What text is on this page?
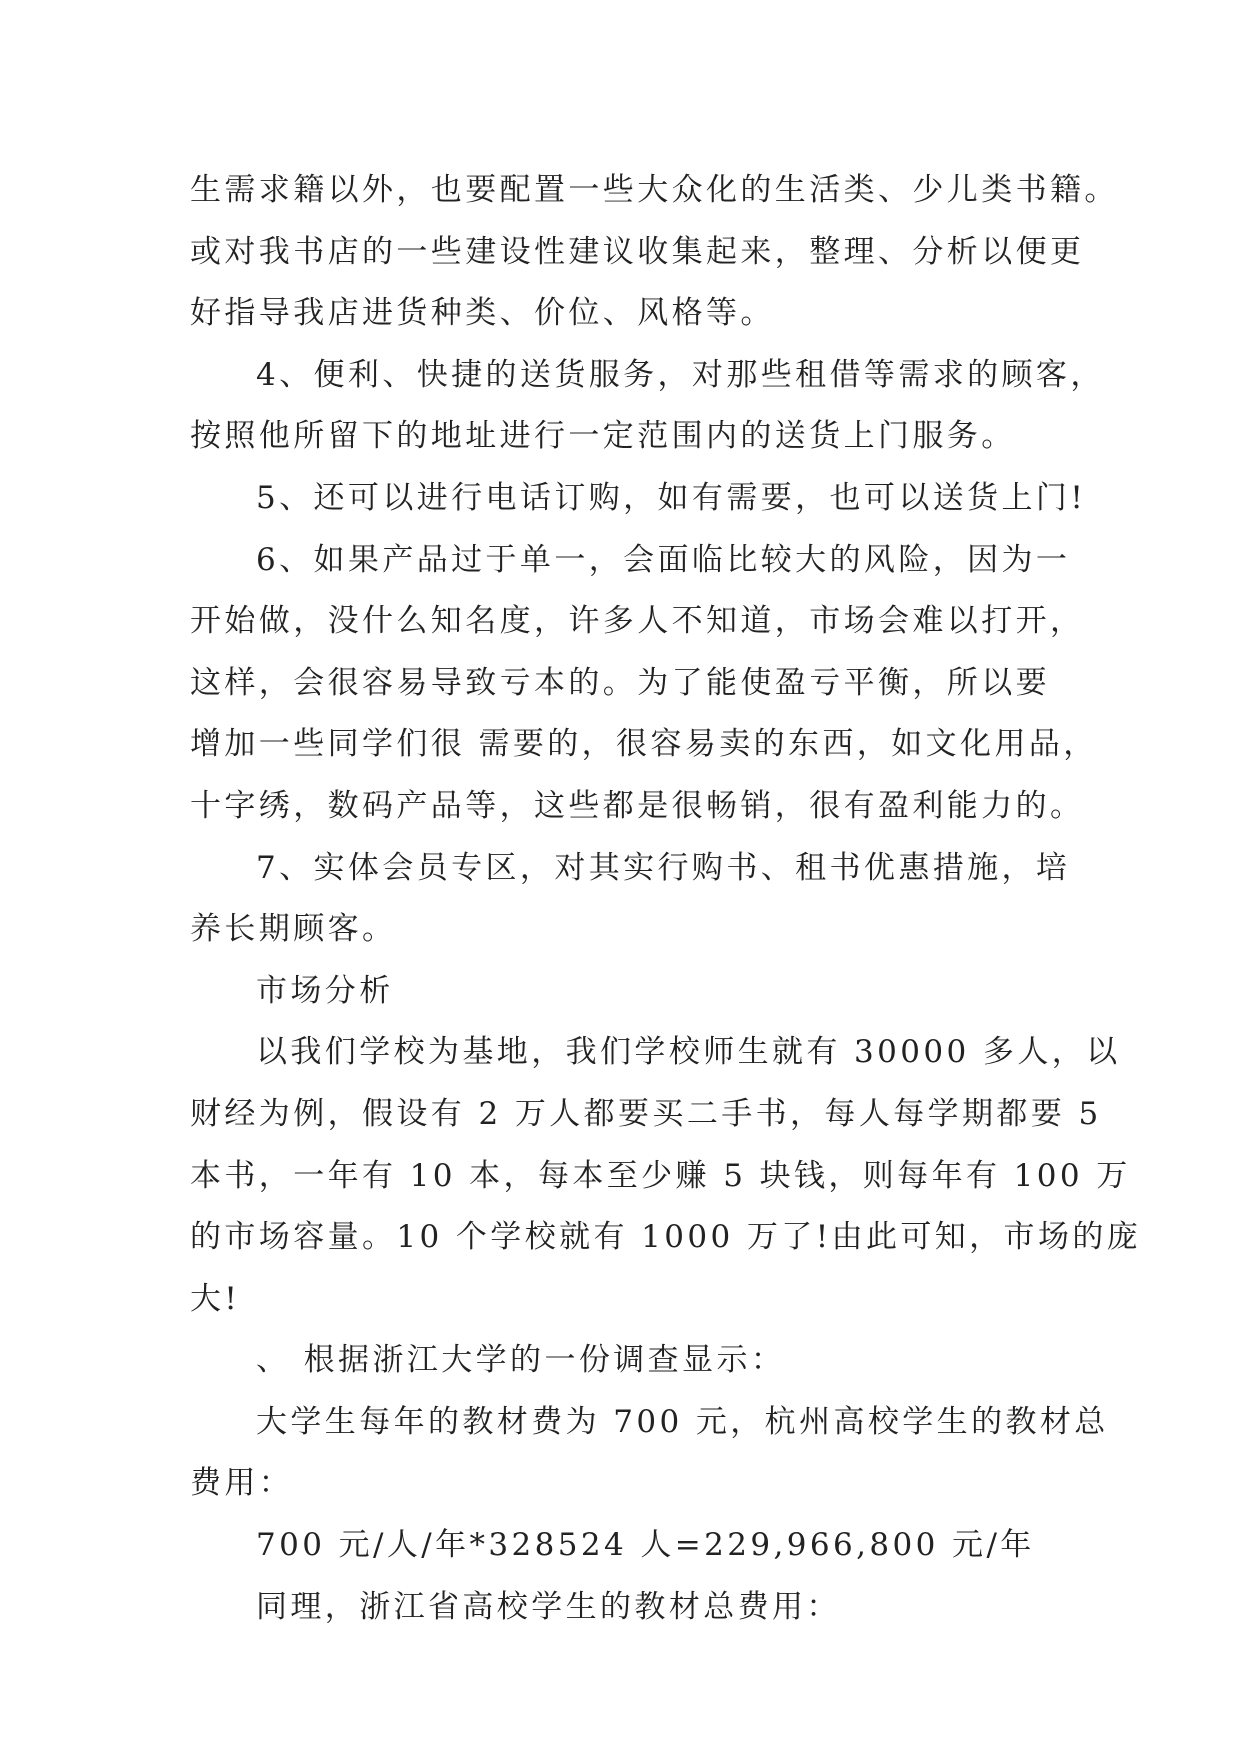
生需求籍以外，也要配置一些大众化的生活类、少儿类书籍。
或对我书店的一些建设性建议收集起来，整理、分析以便更
好指导我店进货种类、价位、风格等。
4、便利、快捷的送货服务，对那些租借等需求的顾客，
按照他所留下的地址进行一定范围内的送货上门服务。
5、还可以进行电话订购，如有需要，也可以送货上门!
6、如果产品过于单一，会面临比较大的风险，因为一
开始做，没什么知名度，许多人不知道，市场会难以打开，
这样，会很容易导致亏本的。为了能使盈亏平衡，所以要
增加一些同学们很 需要的，很容易卖的东西，如文化用品，
十字绣，数码产品等，这些都是很畅销，很有盈利能力的。
7、实体会员专区，对其实行购书、租书优惠措施，培
养长期顾客。
市场分析
以我们学校为基地，我们学校师生就有 30000 多人，以
财经为例，假设有 2 万人都要买二手书，每人每学期都要 5
本书，一年有 10 本，每本至少赚 5 块钱，则每年有 100 万
的市场容量。10 个学校就有 1000 万了!由此可知，市场的庞
大!
、 根据浙江大学的一份调查显示：
大学生每年的教材费为 700 元，杭州高校学生的教材总
费用：
700 元/人/年*328524 人=229,966,800 元/年
同理，浙江省高校学生的教材总费用：
